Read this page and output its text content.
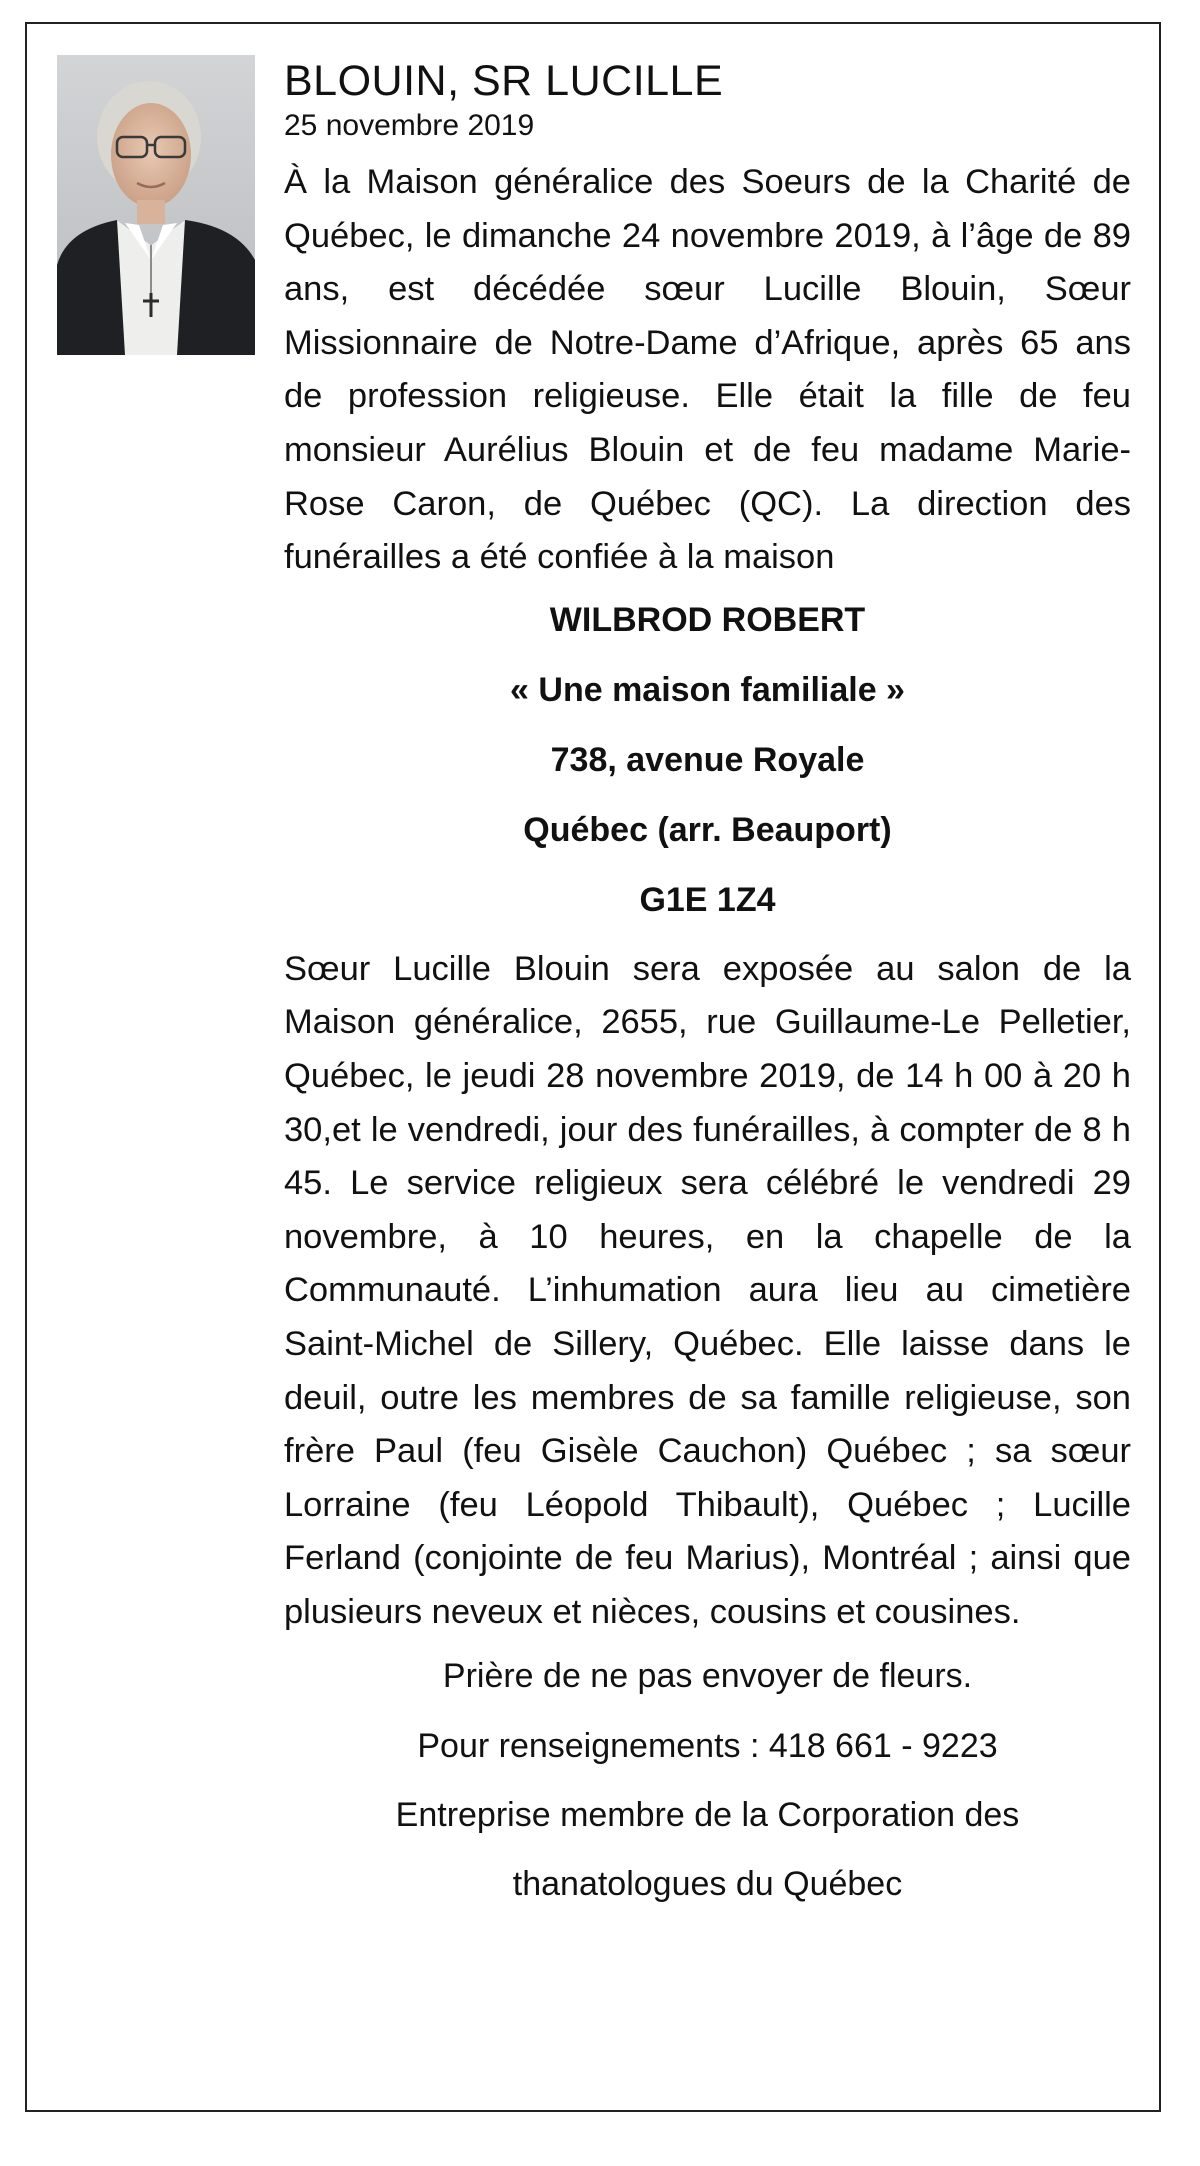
BLOUIN, SR LUCILLE
25 novembre 2019

À la Maison généralice des Soeurs de la Charité de Québec, le dimanche 24 novembre 2019, à l’âge de 89 ans, est décédée sœur Lucille Blouin, Sœur Missionnaire de Notre-Dame d’Afrique, après 65 ans de profession religieuse. Elle était la fille de feu monsieur Aurélius Blouin et de feu madame Marie-Rose Caron, de Québec (QC). La direction des funérailles a été confiée à la maison

WILBROD ROBERT
« Une maison familiale »
738, avenue Royale
Québec (arr. Beauport)
G1E 1Z4

Sœur Lucille Blouin sera exposée au salon de la Maison généralice, 2655, rue Guillaume-Le Pelletier, Québec, le jeudi 28 novembre 2019, de 14 h 00 à 20 h 30,et le vendredi, jour des funérailles, à compter de 8 h 45. Le service religieux sera célébré le vendredi 29 novembre, à 10 heures, en la chapelle de la Communauté. L’inhumation aura lieu au cimetière Saint-Michel de Sillery, Québec. Elle laisse dans le deuil, outre les membres de sa famille religieuse, son frère Paul (feu Gisèle Cauchon) Québec ; sa sœur Lorraine (feu Léopold Thibault), Québec ; Lucille Ferland (conjointe de feu Marius), Montréal ; ainsi que plusieurs neveux et nièces, cousins et cousines.

Prière de ne pas envoyer de fleurs.
Pour renseignements : 418 661 - 9223
Entreprise membre de la Corporation des
thanatologues du Québec
